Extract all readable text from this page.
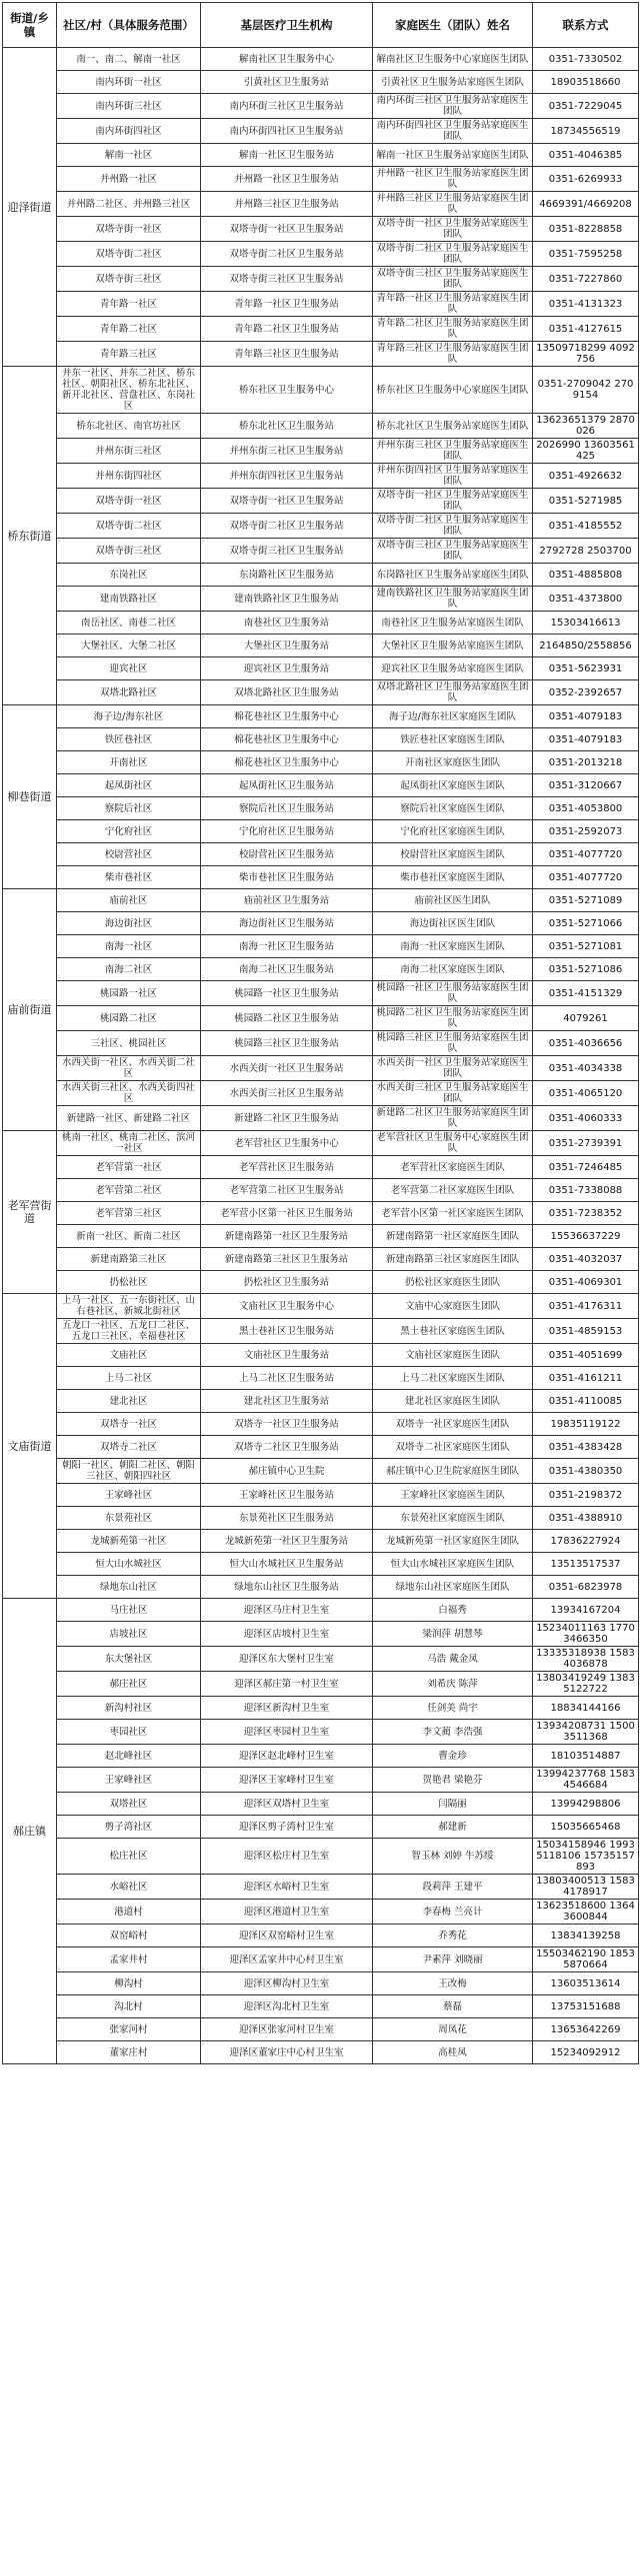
街道/乡镇	社区/村（具体服务范围）	基层医疗卫生机构	家庭医生（团队）姓名	联系方式
迎泽街道	南一、南二、解南一社区	解南社区卫生服务中心	解南社区卫生服务中心家庭医生团队	0351-7330502
	南内环街一社区	引黄社区卫生服务站	引黄社区卫生服务站家庭医生团队	18903518660
	南内环街三社区	南内环街三社区卫生服务站	南内环街三社区卫生服务站家庭医生团队	0351-7229045
	南内环街四社区	南内环街四社区卫生服务站	南内环街四社区卫生服务站家庭医生团队	18734556519
	解南一社区	解南一社区卫生服务站	解南一社区卫生服务站家庭医生团队	0351-4046385
	并州路一社区	并州路一社区卫生服务站	并州路一社区卫生服务站家庭医生团队	0351-6269933
	并州路二社区、并州路三社区	并州路三社区卫生服务站	并州路三社区卫生服务站家庭医生团队	4669391/4669208
	双塔寺街一社区	双塔寺街一社区卫生服务站	双塔寺街一社区卫生服务站家庭医生团队	0351-8228858
	双塔寺街二社区	双塔寺街二社区卫生服务站	双塔寺街二社区卫生服务站家庭医生团队	0351-7595258
	双塔寺街三社区	双塔寺街三社区卫生服务站	双塔寺街三社区卫生服务站家庭医生团队	0351-7227860
	青年路一社区	青年路一社区卫生服务站	青年路一社区卫生服务站家庭医生团队	0351-4131323
	青年路二社区	青年路二社区卫生服务站	青年路二社区卫生服务站家庭医生团队	0351-4127615
	青年路三社区	青年路三社区卫生服务站	青年路三社区卫生服务站家庭医生团队	13509718299 4092756
桥东街道	并东一社区、并东二社区、桥东社区、朝阳社区、桥东北社区、新开北社区、营盘社区、东岗社区	桥东社区卫生服务中心	桥东社区卫生服务中心家庭医生团队	0351-2709042 2709154
	桥东北社区、南官坊社区	桥东北社区卫生服务站	桥东北社区卫生服务站家庭医生团队	13623651379 2870026
	并州东街三社区	并州东街三社区卫生服务站	并州东街三社区卫生服务站家庭医生团队	2026990 13603561425
	并州东街四社区	并州东街四社区卫生服务站	并州东街四社区卫生服务站家庭医生团队	0351-4926632
	双塔寺街一社区	双塔寺街一社区卫生服务站	双塔寺街一社区卫生服务站家庭医生团队	0351-5271985
	双塔寺街二社区	双塔寺街二社区卫生服务站	双塔寺街二社区卫生服务站家庭医生团队	0351-4185552
	双塔寺街三社区	双塔寺街三社区卫生服务站	双塔寺街三社区卫生服务站家庭医生团队	2792728 2503700
	东岗社区	东岗路社区卫生服务站	东岗路社区卫生服务站家庭医生团队	0351-4885808
	建南铁路社区	建南铁路社区卫生服务站	建南铁路社区卫生服务站家庭医生团队	0351-4373800
	南岳社区、南巷二社区	南巷社区卫生服务站	南巷社区卫生服务站家庭医生团队	15303416613
	大堡社区、大堡二社区	大堡社区卫生服务站	大堡社区卫生服务站家庭医生团队	2164850/2558856
	迎宾社区	迎宾社区卫生服务站	迎宾社区卫生服务站家庭医生团队	0351-5623931
	双塔北路社区	双塔北路社区卫生服务站	双塔北路社区卫生服务站家庭医生团队	0352-2392657
柳巷街道	海子边/海东社区	棉花巷社区卫生服务中心	海子边/海东社区家庭医生团队	0351-4079183
	铁匠巷社区	棉花巷社区卫生服务中心	铁匠巷社区家庭医生团队	0351-4079183
	开南社区	棉花巷社区卫生服务中心	开南社区家庭医生团队	0351-2013218
	起凤街社区	起凤街社区卫生服务站	起凤街社区家庭医生团队	0351-3120667
	察院后社区	察院后社区卫生服务站	察院后社区家庭医生团队	0351-4053800
	宁化府社区	宁化府社区卫生服务站	宁化府社区家庭医生团队	0351-2592073
	校尉营社区	校尉营社区卫生服务站	校尉营社区家庭医生团队	0351-4077720
	柴市巷社区	柴市巷社区卫生服务站	柴市巷社区家庭医生团队	0351-4077720
庙前街道	庙前社区	庙前社区卫生服务站	庙前社区医生团队	0351-5271089
	海边街社区	海边街社区卫生服务站	海边街社区医生团队	0351-5271066
	南海一社区	南海一社区卫生服务站	南海一社区家庭医生团队	0351-5271081
	南海二社区	南海二社区卫生服务站	南海二社区家庭医生团队	0351-5271086
	桃园路一社区	桃园路一社区卫生服务站	桃园路一社区卫生服务站家庭医生团队	0351-4151329
	桃园路二社区	桃园路二社区卫生服务站	桃园路二社区卫生服务站家庭医生团队	4079261
	三社区、桃园社区	桃园路三社区卫生服务站	桃园路三社区卫生服务站家庭医生团队	0351-4036656
	水西关街一社区、水西关街二社区	水西关街一社区卫生服务站	水西关街一社区卫生服务站家庭医生团队	0351-4034338
	水西关街三社区、水西关街四社区	水西关街三社区卫生服务站	水西关街三社区卫生服务站家庭医生团队	0351-4065120
	新建路一社区、新建路二社区	新建路二社区卫生服务站	新建路二社区卫生服务站家庭医生团队	0351-4060333
老军营街道	桃南一社区、桃南二社区、滨河一社区	老军营社区卫生服务中心	老军营社区卫生服务中心家庭医生团队	0351-2739391
	老军营第一社区	老军营社区卫生服务站	老军营社区家庭医生团队	0351-7246485
	老军营第二社区	老军营第二社区卫生服务站	老军营第二社区家庭医生团队	0351-7338088
	老军营第三社区	老军营小区第一社区卫生服务站	老军营小区第一社区家庭医生团队	0351-7238352
	新南一社区、新南二社区	新建南路第一社区卫生服务站	新建南路第一社区家庭医生团队	15536637229
	新建南路第三社区	新建南路第三社区卫生服务站	新建南路第三社区家庭医生团队	0351-4032037
	扔松社区	扔松社区卫生服务站	扔松社区家庭医生团队	0351-4069301
文庙街道	上马一社区、五一东街社区、山右巷社区、新城北街社区	文庙社区卫生服务中心	文庙中心家庭医生团队	0351-4176311
	五龙口一社区、五龙口二社区、五龙口三社区、幸福巷社区	黑土巷社区卫生服务站	黑土巷社区家庭医生团队	0351-4859153
	文庙社区	文庙社区卫生服务站	文庙社区家庭医生团队	0351-4051699
	上马二社区	上马二社区卫生服务站	上马二社区家庭医生团队	0351-4161211
	建北社区	建北社区卫生服务站	建北社区家庭医生团队	0351-4110085
	双塔寺一社区	双塔寺一社区卫生服务站	双塔寺一社区家庭医生团队	19835119122
	双塔寺二社区	双塔寺二社区卫生服务站	双塔寺二社区家庭医生团队	0351-4383428
	朝阳一社区、朝阳二社区、朝阳三社区、朝阳四社区	郝庄镇中心卫生院	郝庄镇中心卫生院家庭医生团队	0351-4380350
	王家峰社区	王家峰社区卫生服务站	王家峰社区家庭医生团队	0351-2198372
	东景苑社区	东景苑社区卫生服务站	东景苑社区家庭医生团队	0351-4388910
	龙城新苑第一社区	龙城新苑第一社区卫生服务站	龙城新苑第一社区家庭医生团队	17836227924
	恒大山水城社区	恒大山水城社区卫生服务站	恒大山水城社区家庭医生团队	13513517537
	绿地东山社区	绿地东山社区卫生服务站	绿地东山社区家庭医生团队	0351-6823978
郝庄镇	马庄社区	迎泽区马庄村卫生室	白福秀	13934167204
	店坡社区	迎泽区店坡村卫生室	梁润萍 胡慧琴	15234011163 17703466350
	东大堡社区	迎泽区东大堡村卫生室	马浩 戴金凤	13335318938 15834036878
	郝庄社区	迎泽区郝庄第一村卫生室	刘希庆 陈萍	13803419249 13835122722
	新沟村社区	迎泽区新沟村卫生室	任剑美 尚宇	18834144166
	枣园社区	迎泽区枣园村卫生室	李文蔺 李浩强	13934208731 15003511368
	赵北峰社区	迎泽区赵北峰村卫生室	曹金珍	18103514887
	王家峰社区	迎泽区王家峰村卫生室	贺艳君 梁艳芬	13994237768 15834546684
	双塔社区	迎泽区双塔村卫生室	闫隔丽	13994298806
	剪子湾社区	迎泽区剪子湾村卫生室	郝建新	15035665468
	松庄社区	迎泽区松庄村卫生室	智玉林 刘婷 牛苏绥	15034158946 19935118106 15735157893
	水峪社区	迎泽区水峪村卫生室	段莉萍 王建平	13803400513 15834178917
	港道村	迎泽区港道村卫生室	李春梅 兰亮计	13623518600 13643600844
	双窑峪村	迎泽区双窑峪村卫生室	乔秀花	13834139258
	孟家井村	迎泽区孟家井中心村卫生室	尹素萍 刘晓丽	15503462190 18535870664
	柳沟村	迎泽区柳沟村卫生室	王改梅	13603513614
	沟北村	迎泽区沟北村卫生室	蔡磊	13753151688
	张家河村	迎泽区张家河村卫生室	周凤花	13653642269
	董家庄村	迎泽区董家庄中心村卫生室	高桂凤	15234092912
